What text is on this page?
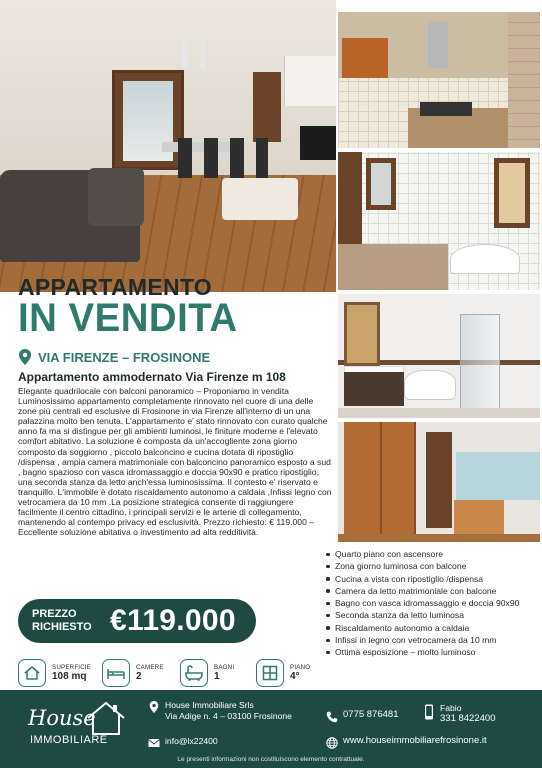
APPARTAMENTO
IN VENDITA
VIA FIRENZE – FROSINONE
Appartamento ammodernato Via Firenze m 108
Elegante quadrilocale con balconi panoramico – Proponiamo in vendita Luminosissimo appartamento completamente rinnovato nel cuore di una delle zone più centrali ed esclusive di Frosinone in via Firenze all'interno di un una palazzina molto ben tenuta. L'appartamento e' stato rinnovato con curato qualche anno fa ma si distingue per gli ambienti luminosi, le finiture moderne e l'elevato comfort abitativo. La soluzione è composta da un'accogliente zona giorno composto da soggiorno , piccolo balconcino e cucina dotata di ripostiglio /dispensa , ampia camera matrimoniale con balconcino panoramico esposto a sud , bagno spazioso con vasca idromassaggio e doccia 90x90 e pratico ripostiglio, una seconda stanza da letto anch'essa luminosissima. Il contesto e' riservato e tranquillo. L'immobile è dotato riscaldamento autonomo a caldaia ,Infissi legno con vetrocamera da 10 mm .La posizione strategica consente di raggiungere facilmente il centro cittadino, i principali servizi e le arterie di collegamento, mantenendo al contempo privacy ed esclusività. Prezzo richiesto: € 119.000 – Eccellente soluzione abitativa o investimento ad alta redditività.
Quarto piano con ascensore
Zona giorno luminosa con balcone
Cucina a vista con ripostiglio /dispensa
Camera da letto matrimoniale con balcone
Bagno con vasca idromassaggio e doccia 90x90
Seconda stanza da letto luminosa
Riscaldamento autonomo a caldaia
Infissi in legno con vetrocamera da 10 mm
Ottima esposizione – molto luminoso
PREZZO
RICHIESTO €119.000
SUPERFICIE
108 mq
CAMERE
2
BAGNI
1
PIANO
4°
House
IMMOBILIARE
House Immobiliare Srls
Via Adige n. 4 – 03100 Frosinone
info@lx22400
0775 876481
Fabio
331 8422400
www.houseimmobiliarefrosinone.it
Le presenti informazioni non costituiscono elemento contrattuale.
